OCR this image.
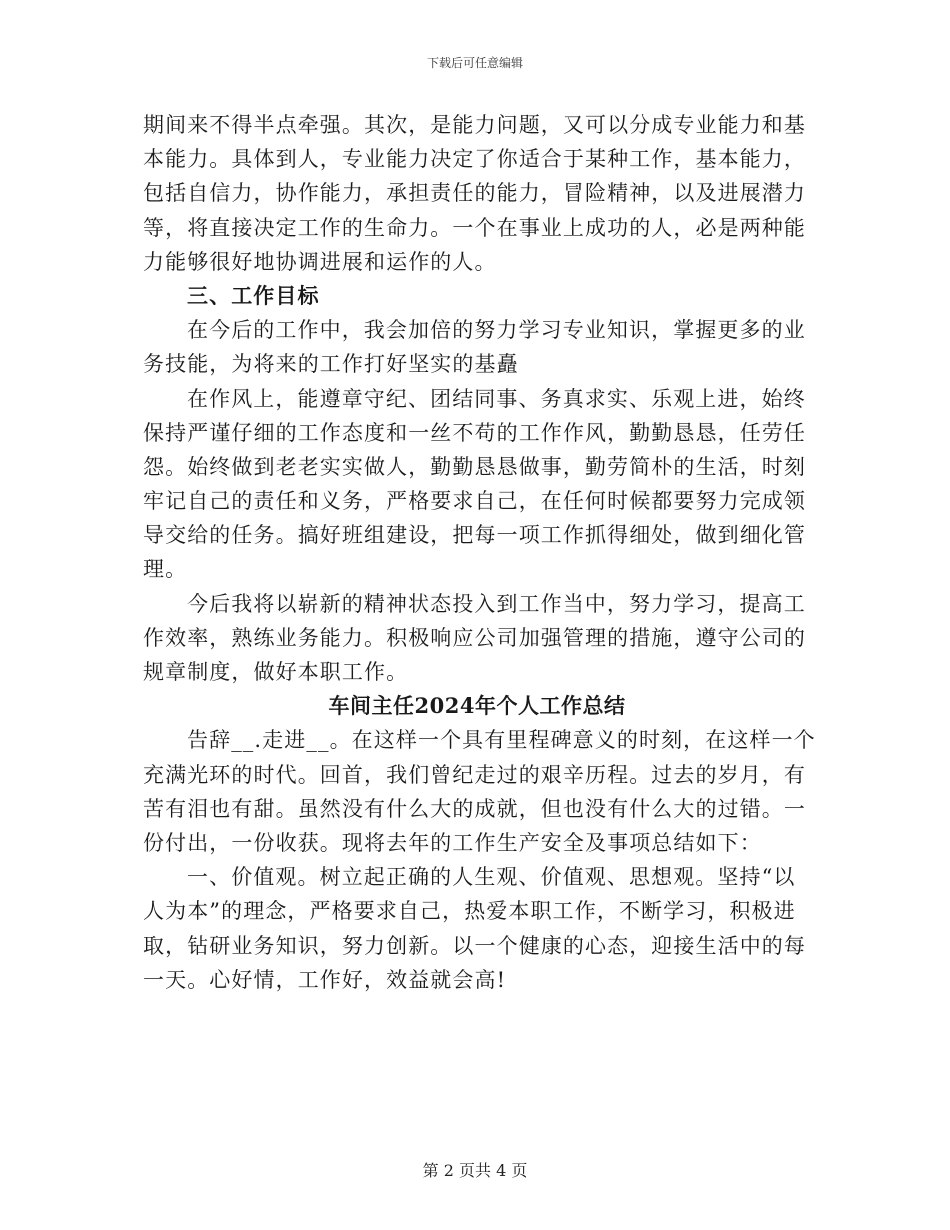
下载后可任意编辑
期间来不得半点牵强。其次，是能力问题，又可以分成专业能力和基
本能力。具体到人，专业能力决定了你适合于某种工作，基本能力，
包括自信力，协作能力，承担责任的能力，冒险精神，以及进展潜力
等，将直接决定工作的生命力。一个在事业上成功的人，必是两种能
力能够很好地协调进展和运作的人。
三、工作目标
在今后的工作中，我会加倍的努力学习专业知识，掌握更多的业
务技能，为将来的工作打好坚实的基矗
在作风上，能遵章守纪、团结同事、务真求实、乐观上进，始终
保持严谨仔细的工作态度和一丝不苟的工作作风，勤勤恳恳，任劳任
怨。始终做到老老实实做人，勤勤恳恳做事，勤劳简朴的生活，时刻
牢记自己的责任和义务，严格要求自己，在任何时候都要努力完成领
导交给的任务。搞好班组建设，把每一项工作抓得细处，做到细化管
理。
今后我将以崭新的精神状态投入到工作当中，努力学习，提高工
作效率，熟练业务能力。积极响应公司加强管理的措施，遵守公司的
规章制度，做好本职工作。
车间主任2024年个人工作总结
告辞__.走进__。在这样一个具有里程碑意义的时刻，在这样一个
充满光环的时代。回首，我们曾纪走过的艰辛历程。过去的岁月，有
苦有泪也有甜。虽然没有什么大的成就，但也没有什么大的过错。一
份付出，一份收获。现将去年的工作生产安全及事项总结如下：
一、价值观。树立起正确的人生观、价值观、思想观。坚持“以
人为本”的理念，严格要求自己，热爱本职工作，不断学习，积极进
取，钻研业务知识，努力创新。以一个健康的心态，迎接生活中的每
一天。心好情，工作好，效益就会高!
第 2 页共 4 页
